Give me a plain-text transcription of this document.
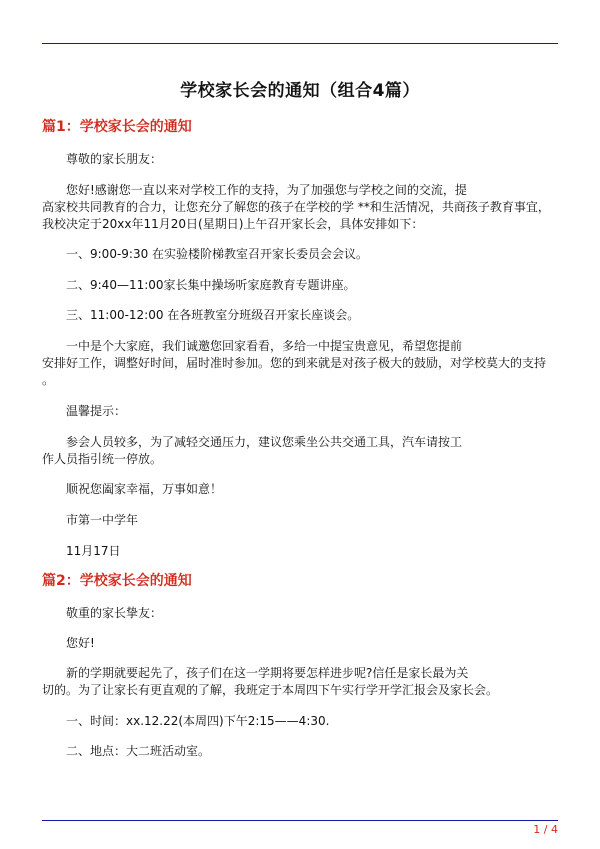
学校家长会的通知（组合4篇）
篇1：学校家长会的通知
尊敬的家长朋友：
您好!感谢您一直以来对学校工作的支持，为了加强您与学校之间的交流，提
高家校共同教育的合力，让您充分了解您的孩子在学校的学 **和生活情况，共商孩子教育事宜，
我校决定于20xx年11月20日(星期日)上午召开家长会，具体安排如下：
一、9:00-9:30 在实验楼阶梯教室召开家长委员会会议。
二、9:40—11:00家长集中操场听家庭教育专题讲座。
三、11:00-12:00 在各班教室分班级召开家长座谈会。
一中是个大家庭，我们诚邀您回家看看，多给一中提宝贵意见，希望您提前
安排好工作，调整好时间，届时准时参加。您的到来就是对孩子极大的鼓励，对学校莫大的支持
。
温馨提示：
参会人员较多，为了减轻交通压力，建议您乘坐公共交通工具，汽车请按工
作人员指引统一停放。
顺祝您阖家幸福，万事如意！
市第一中学年
11月17日
篇2：学校家长会的通知
敬重的家长挚友：
您好!
新的学期就要起先了，孩子们在这一学期将要怎样进步呢?信任是家长最为关
切的。为了让家长有更直观的了解，我班定于本周四下午实行学开学汇报会及家长会。
一、时间：xx.12.22(本周四)下午2:15——4:30.
二、地点：大二班活动室。
1 / 4
